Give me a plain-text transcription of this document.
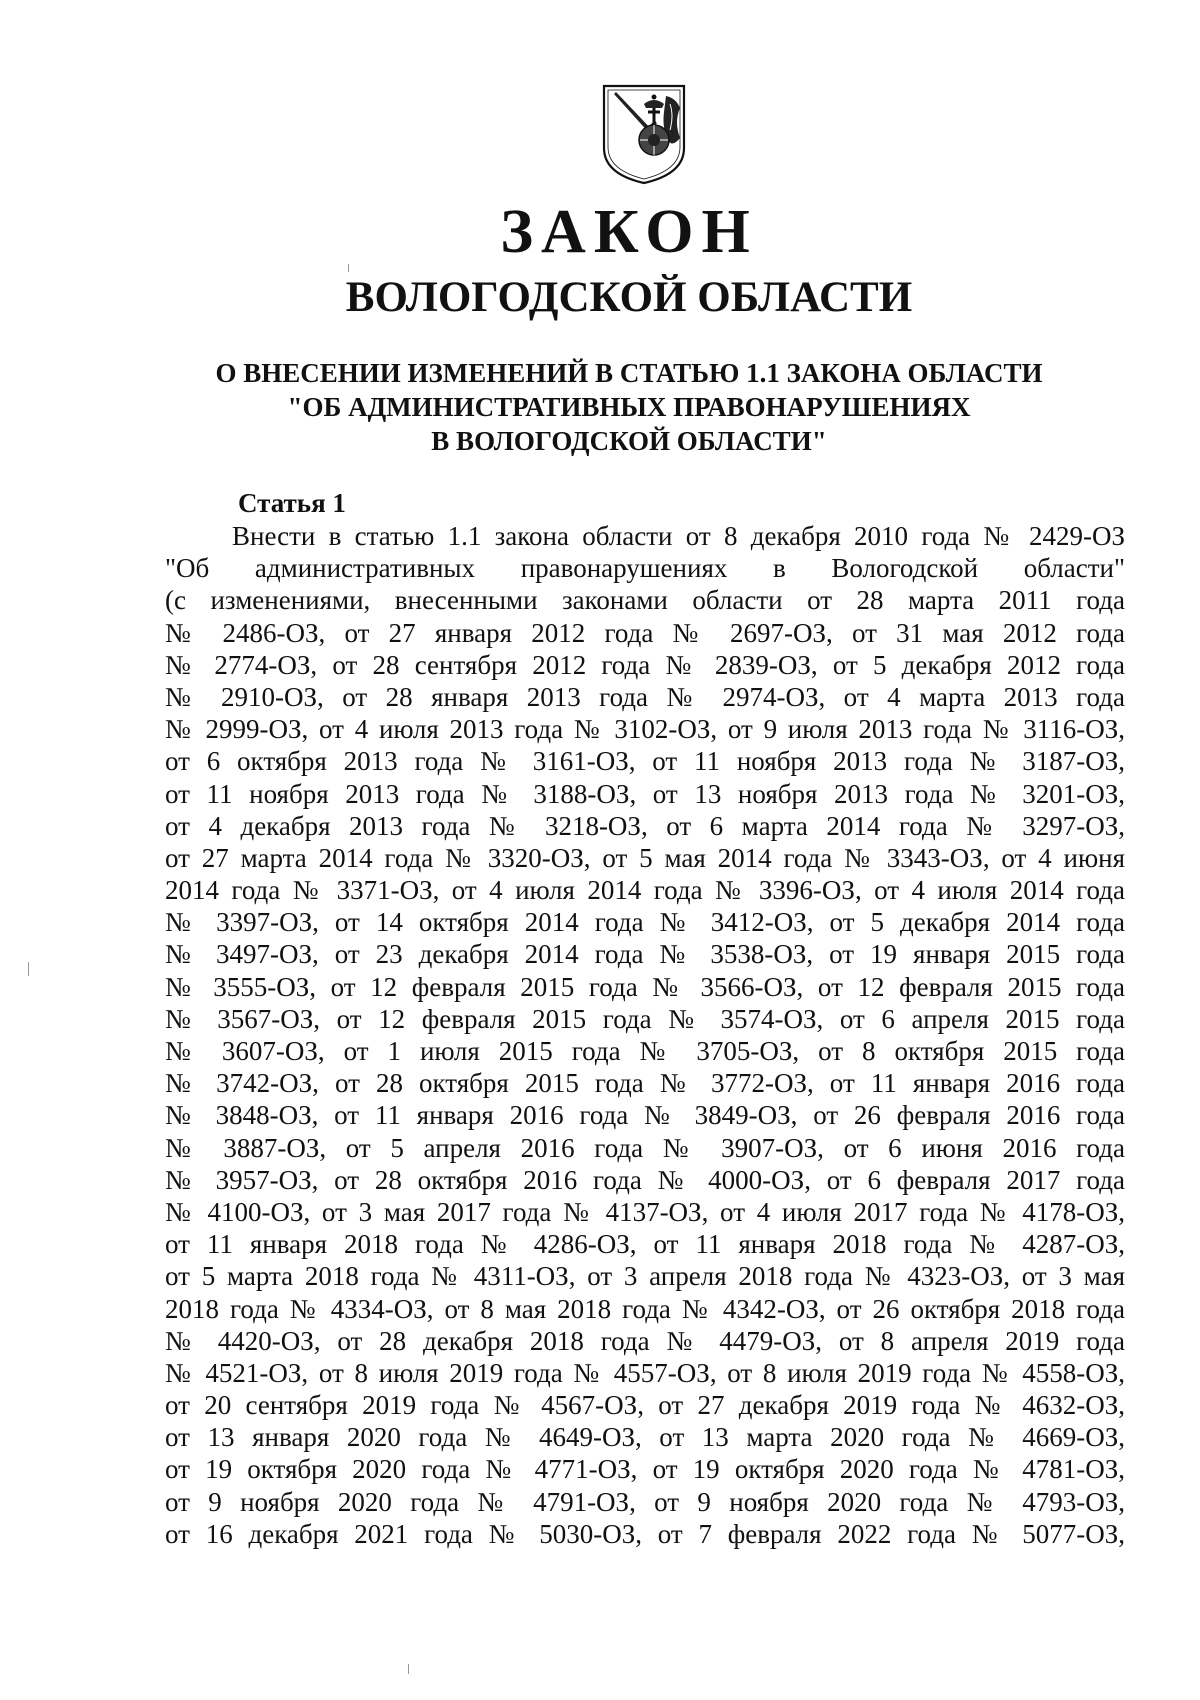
ЗАКОН
ВОЛОГОДСКОЙ ОБЛАСТИ
О ВНЕСЕНИИ ИЗМЕНЕНИЙ В СТАТЬЮ 1.1 ЗАКОНА ОБЛАСТИ
"ОБ АДМИНИСТРАТИВНЫХ ПРАВОНАРУШЕНИЯХ
В ВОЛОГОДСКОЙ ОБЛАСТИ"
Статья 1
Внести в статью 1.1 закона области от 8 декабря 2010 года № 2429-ОЗ
"Об административных правонарушениях в Вологодской области"
(с изменениями, внесенными законами области от 28 марта 2011 года
№ 2486-ОЗ, от 27 января 2012 года № 2697-ОЗ, от 31 мая 2012 года
№ 2774-ОЗ, от 28 сентября 2012 года № 2839-ОЗ, от 5 декабря 2012 года
№ 2910-ОЗ, от 28 января 2013 года № 2974-ОЗ, от 4 марта 2013 года
№ 2999-ОЗ, от 4 июля 2013 года № 3102-ОЗ, от 9 июля 2013 года № 3116-ОЗ,
от 6 октября 2013 года № 3161-ОЗ, от 11 ноября 2013 года № 3187-ОЗ,
от 11 ноября 2013 года № 3188-ОЗ, от 13 ноября 2013 года № 3201-ОЗ,
от 4 декабря 2013 года № 3218-ОЗ, от 6 марта 2014 года № 3297-ОЗ,
от 27 марта 2014 года № 3320-ОЗ, от 5 мая 2014 года № 3343-ОЗ, от 4 июня
2014 года № 3371-ОЗ, от 4 июля 2014 года № 3396-ОЗ, от 4 июля 2014 года
№ 3397-ОЗ, от 14 октября 2014 года № 3412-ОЗ, от 5 декабря 2014 года
№ 3497-ОЗ, от 23 декабря 2014 года № 3538-ОЗ, от 19 января 2015 года
№ 3555-ОЗ, от 12 февраля 2015 года № 3566-ОЗ, от 12 февраля 2015 года
№ 3567-ОЗ, от 12 февраля 2015 года № 3574-ОЗ, от 6 апреля 2015 года
№ 3607-ОЗ, от 1 июля 2015 года № 3705-ОЗ, от 8 октября 2015 года
№ 3742-ОЗ, от 28 октября 2015 года № 3772-ОЗ, от 11 января 2016 года
№ 3848-ОЗ, от 11 января 2016 года № 3849-ОЗ, от 26 февраля 2016 года
№ 3887-ОЗ, от 5 апреля 2016 года № 3907-ОЗ, от 6 июня 2016 года
№ 3957-ОЗ, от 28 октября 2016 года № 4000-ОЗ, от 6 февраля 2017 года
№ 4100-ОЗ, от 3 мая 2017 года № 4137-ОЗ, от 4 июля 2017 года № 4178-ОЗ,
от 11 января 2018 года № 4286-ОЗ, от 11 января 2018 года № 4287-ОЗ,
от 5 марта 2018 года № 4311-ОЗ, от 3 апреля 2018 года № 4323-ОЗ, от 3 мая
2018 года № 4334-ОЗ, от 8 мая 2018 года № 4342-ОЗ, от 26 октября 2018 года
№ 4420-ОЗ, от 28 декабря 2018 года № 4479-ОЗ, от 8 апреля 2019 года
№ 4521-ОЗ, от 8 июля 2019 года № 4557-ОЗ, от 8 июля 2019 года № 4558-ОЗ,
от 20 сентября 2019 года № 4567-ОЗ, от 27 декабря 2019 года № 4632-ОЗ,
от 13 января 2020 года № 4649-ОЗ, от 13 марта 2020 года № 4669-ОЗ,
от 19 октября 2020 года № 4771-ОЗ, от 19 октября 2020 года № 4781-ОЗ,
от 9 ноября 2020 года № 4791-ОЗ, от 9 ноября 2020 года № 4793-ОЗ,
от 16 декабря 2021 года № 5030-ОЗ, от 7 февраля 2022 года № 5077-ОЗ,
